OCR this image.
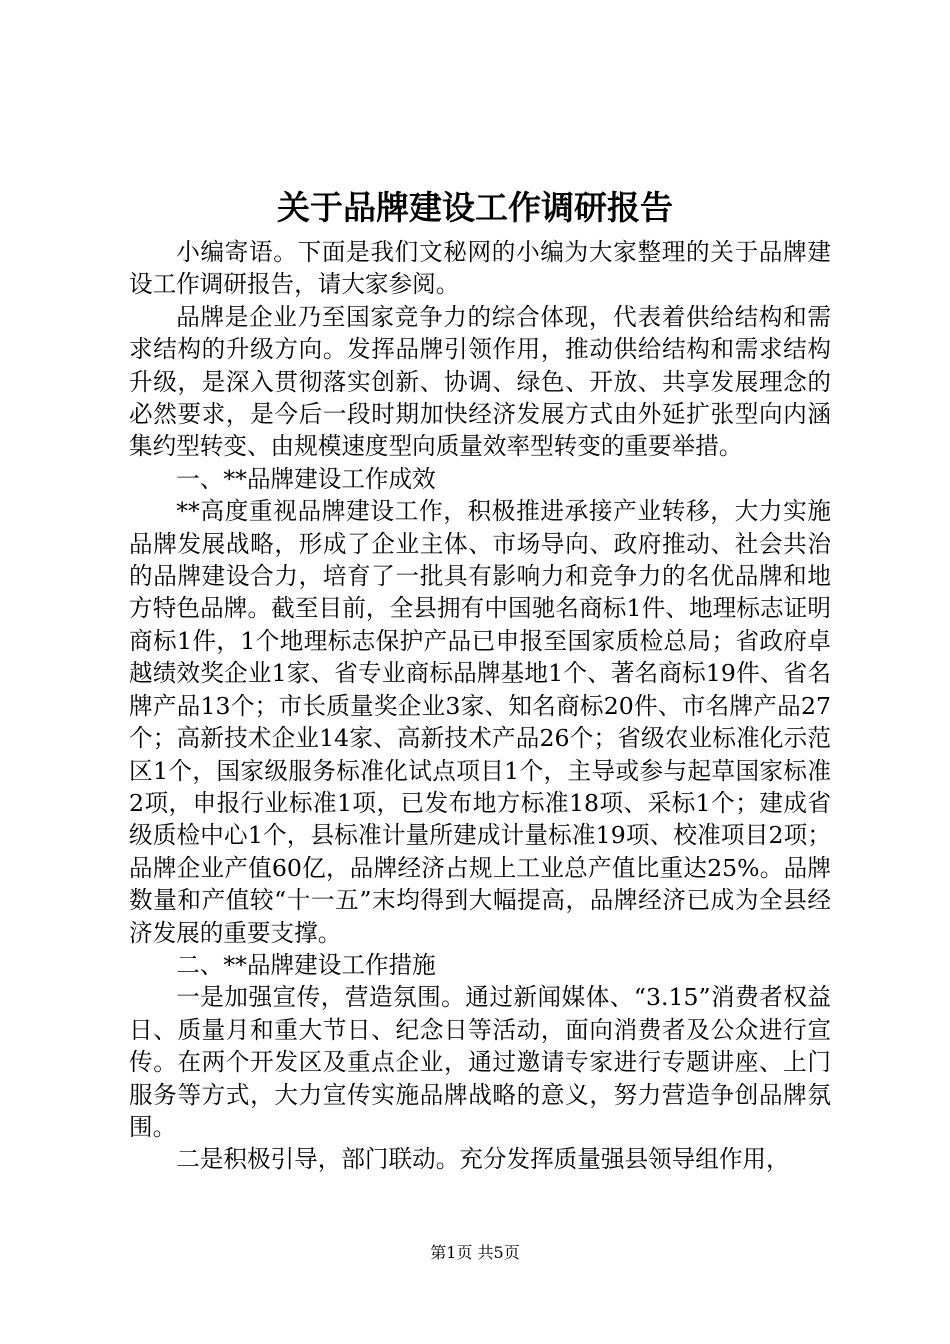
关于品牌建设工作调研报告

小编寄语。下面是我们文秘网的小编为大家整理的关于品牌建设工作调研报告，请大家参阅。

品牌是企业乃至国家竞争力的综合体现，代表着供给结构和需求结构的升级方向。发挥品牌引领作用，推动供给结构和需求结构升级，是深入贯彻落实创新、协调、绿色、开放、共享发展理念的必然要求，是今后一段时期加快经济发展方式由外延扩张型向内涵集约型转变、由规模速度型向质量效率型转变的重要举措。

一、**品牌建设工作成效

**高度重视品牌建设工作，积极推进承接产业转移，大力实施品牌发展战略，形成了企业主体、市场导向、政府推动、社会共治的品牌建设合力，培育了一批具有影响力和竞争力的名优品牌和地方特色品牌。截至目前，全县拥有中国驰名商标1件、地理标志证明商标1件，1个地理标志保护产品已申报至国家质检总局；省政府卓越绩效奖企业1家、省专业商标品牌基地1个、著名商标19件、省名牌产品13个；市长质量奖企业3家、知名商标20件、市名牌产品27个；高新技术企业14家、高新技术产品26个；省级农业标准化示范区1个，国家级服务标准化试点项目1个，主导或参与起草国家标准2项，申报行业标准1项，已发布地方标准18项、采标1个；建成省级质检中心1个，县标准计量所建成计量标准19项、校准项目2项；品牌企业产值60亿，品牌经济占规上工业总产值比重达25%。品牌数量和产值较“十一五”末均得到大幅提高，品牌经济已成为全县经济发展的重要支撑。

二、**品牌建设工作措施

一是加强宣传，营造氛围。通过新闻媒体、“3.15”消费者权益日、质量月和重大节日、纪念日等活动，面向消费者及公众进行宣传。在两个开发区及重点企业，通过邀请专家进行专题讲座、上门服务等方式，大力宣传实施品牌战略的意义，努力营造争创品牌氛围。

二是积极引导，部门联动。充分发挥质量强县领导组作用，

第1页 共5页
